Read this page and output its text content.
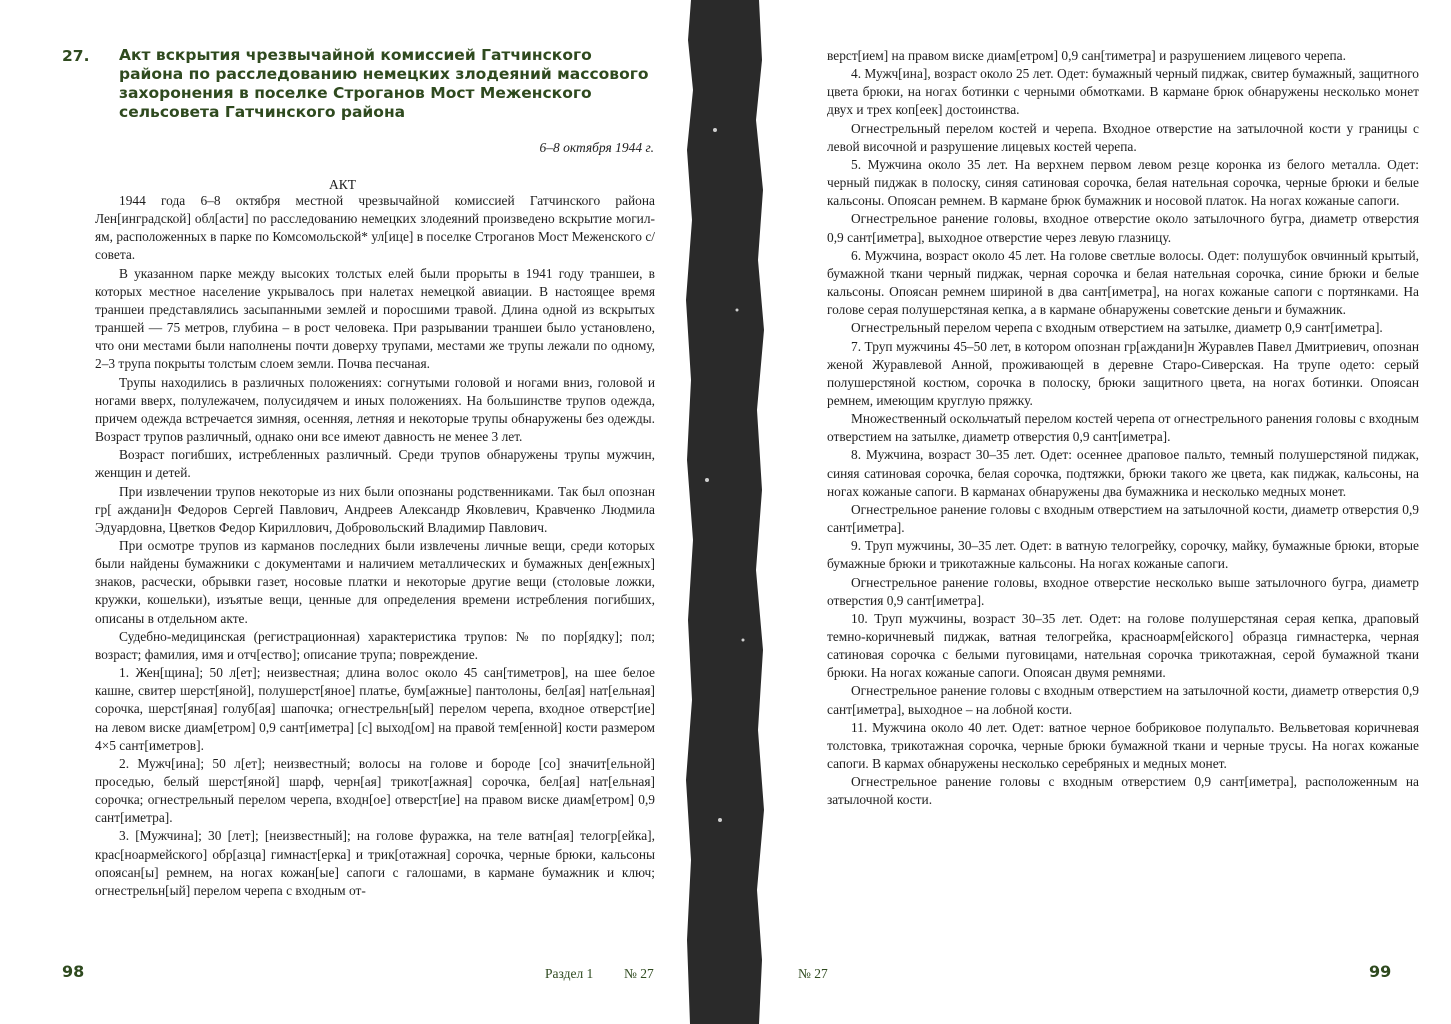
27. Акт вскрытия чрезвычайной комиссией Гатчинского района по расследованию немецких злодеяний массового захоронения в поселке Строганов Мост Меженского сельсовета Гатчинского района
6–8 октября 1944 г.
АКТ

1944 года 6–8 октября местной чрезвычайной комиссией Гатчинского района Лен[инградской] обл[асти] по расследованию немецких злодеяний произведено вскрытие могил-ям, расположенных в парке по Комсомольской* ул[ице] в поселке Строганов Мост Меженского с/совета.

В указанном парке между высоких толстых елей были прорыты в 1941 году траншеи, в которых местное население укрывалось при налетах немецкой авиации. В настоящее время траншеи представлялись засыпанными землей и поросшими травой. Длина одной из вскрытых траншей — 75 метров, глубина – в рост человека. При разрывании траншеи было установлено, что они местами были наполнены почти доверху трупами, местами же трупы лежали по одному, 2–3 трупа покрыты толстым слоем земли. Почва песчаная.

Трупы находились в различных положениях: согнутыми головой и ногами вниз, головой и ногами вверх, полулежачем, полусидячем и иных положениях. На большинстве трупов одежда, причем одежда встречается зимняя, осенняя, летняя и некоторые трупы обнаружены без одежды. Возраст трупов различный, однако они все имеют давность не менее 3 лет.

Возраст погибших, истребленных различный. Среди трупов обнаружены трупы мужчин, женщин и детей.

При извлечении трупов некоторые из них были опознаны родственниками. Так был опознан гр[ аждани]н Федоров Сергей Павлович, Андреев Александр Яковлевич, Кравченко Людмила Эдуардовна, Цветков Федор Кириллович, Добровольский Владимир Павлович.

При осмотре трупов из карманов последних были извлечены личные вещи, среди которых были найдены бумажники с документами и наличием металлических и бумажных ден[ежных] знаков, расчески, обрывки газет, носовые платки и некоторые другие вещи (столовые ложки, кружки, кошельки), изъятые вещи, ценные для определения времени истребления погибших, описаны в отдельном акте.

Судебно-медицинская (регистрационная) характеристика трупов: № по пор[ядку]; пол; возраст; фамилия, имя и отч[ество]; описание трупа; повреждение.

1. Жен[щина]; 50 л[ет]; неизвестная; длина волос около 45 сан[тиметров], на шее белое кашне, свитер шерст[яной], полушерст[яное] платье, бум[ажные] пантолоны, бел[ая] нат[ельная] сорочка, шерст[яная] голуб[ая] шапочка; огнестрельн[ый] перелом черепа, входное отверст[ие] на левом виске диам[етром] 0,9 сант[иметра] [с] выход[ом] на правой тем[енной] кости размером 4×5 сант[иметров].

2. Мужч[ина]; 50 л[ет]; неизвестный; волосы на голове и бороде [со] значит[ельной] проседью, белый шерст[яной] шарф, черн[ая] трикот[ажная] сорочка, бел[ая] нат[ельная] сорочка; огнестрельный перелом черепа, входн[ое] отверст[ие] на правом виске диам[етром] 0,9 сант[иметра].

3. [Мужчина]; 30 [лет]; [неизвестный]; на голове фуражка, на теле ватн[ая] телогр[ейка], крас[ноармейского] обр[азца] гимнаст[ерка] и трик[отажная] сорочка, черные брюки, кальсоны опоясан[ы] ремнем, на ногах кожан[ые] сапоги с галошами, в кармане бумажник и ключ; огнестрельн[ый] перелом черепа с входным от-

98	Раздел 1 № 27

верст[ием] на правом виске диам[етром] 0,9 сан[тиметра] и разрушением лицевого черепа.

4. Мужч[ина], возраст около 25 лет. Одет: бумажный черный пиджак, свитер бумажный, защитного цвета брюки, на ногах ботинки с черными обмотками. В кармане брюк обнаружены несколько монет двух и трех коп[еек] достоинства.

Огнестрельный перелом костей и черепа. Входное отверстие на затылочной кости у границы с левой височной и разрушение лицевых костей черепа.

5. Мужчина около 35 лет. На верхнем первом левом резце коронка из белого металла. Одет: черный пиджак в полоску, синяя сатиновая сорочка, белая нательная сорочка, черные брюки и белые кальсоны. Опоясан ремнем. В кармане брюк бумажник и носовой платок. На ногах кожаные сапоги.

Огнестрельное ранение головы, входное отверстие около затылочного бугра, диаметр отверстия 0,9 сант[иметра], выходное отверстие через левую глазницу.

6. Мужчина, возраст около 45 лет. На голове светлые волосы. Одет: полушубок овчинный крытый, бумажной ткани черный пиджак, черная сорочка и белая нательная сорочка, синие брюки и белые кальсоны. Опоясан ремнем шириной в два сант[иметра], на ногах кожаные сапоги с портянками. На голове серая полушерстяная кепка, а в кармане обнаружены советские деньги и бумажник.

Огнестрельный перелом черепа с входным отверстием на затылке, диаметр 0,9 сант[иметра].

7. Труп мужчины 45–50 лет, в котором опознан гр[аждани]н Журавлев Павел Дмитриевич, опознан женой Журавлевой Анной, проживающей в деревне Старо-Сиверская. На трупе одето: серый полушерстяной костюм, сорочка в полоску, брюки защитного цвета, на ногах ботинки. Опоясан ремнем, имеющим круглую пряжку.

Множественный оскольчатый перелом костей черепа от огнестрельного ранения головы с входным отверстием на затылке, диаметр отверстия 0,9 сант[иметра].

8. Мужчина, возраст 30–35 лет. Одет: осеннее драповое пальто, темный полушерстяной пиджак, синяя сатиновая сорочка, белая сорочка, подтяжки, брюки такого же цвета, как пиджак, кальсоны, на ногах кожаные сапоги. В карманах обнаружены два бумажника и несколько медных монет.

Огнестрельное ранение головы с входным отверстием на затылочной кости, диаметр отверстия 0,9 сант[иметра].

9. Труп мужчины, 30–35 лет. Одет: в ватную телогрейку, сорочку, майку, бумажные брюки, вторые бумажные брюки и трикотажные кальсоны. На ногах кожаные сапоги.

Огнестрельное ранение головы, входное отверстие несколько выше затылочного бугра, диаметр отверстия 0,9 сант[иметра].

10. Труп мужчины, возраст 30–35 лет. Одет: на голове полушерстяная серая кепка, драповый темно-коричневый пиджак, ватная телогрейка, красноарм[ейского] образца гимнастерка, черная сатиновая сорочка с белыми пуговицами, нательная сорочка трикотажная, серой бумажной ткани брюки. На ногах кожаные сапоги. Опоясан двумя ремнями.

Огнестрельное ранение головы с входным отверстием на затылочной кости, диаметр отверстия 0,9 сант[иметра], выходное – на лобной кости.

11. Мужчина около 40 лет. Одет: ватное черное бобриковое полупальто. Вельветовая коричневая толстовка, трикотажная сорочка, черные брюки бумажной ткани и черные трусы. На ногах кожаные сапоги. В кармах обнаружены несколько серебряных и медных монет.

Огнестрельное ранение головы с входным отверстием 0,9 сант[иметра], расположенным на затылочной кости.

№ 27	99
